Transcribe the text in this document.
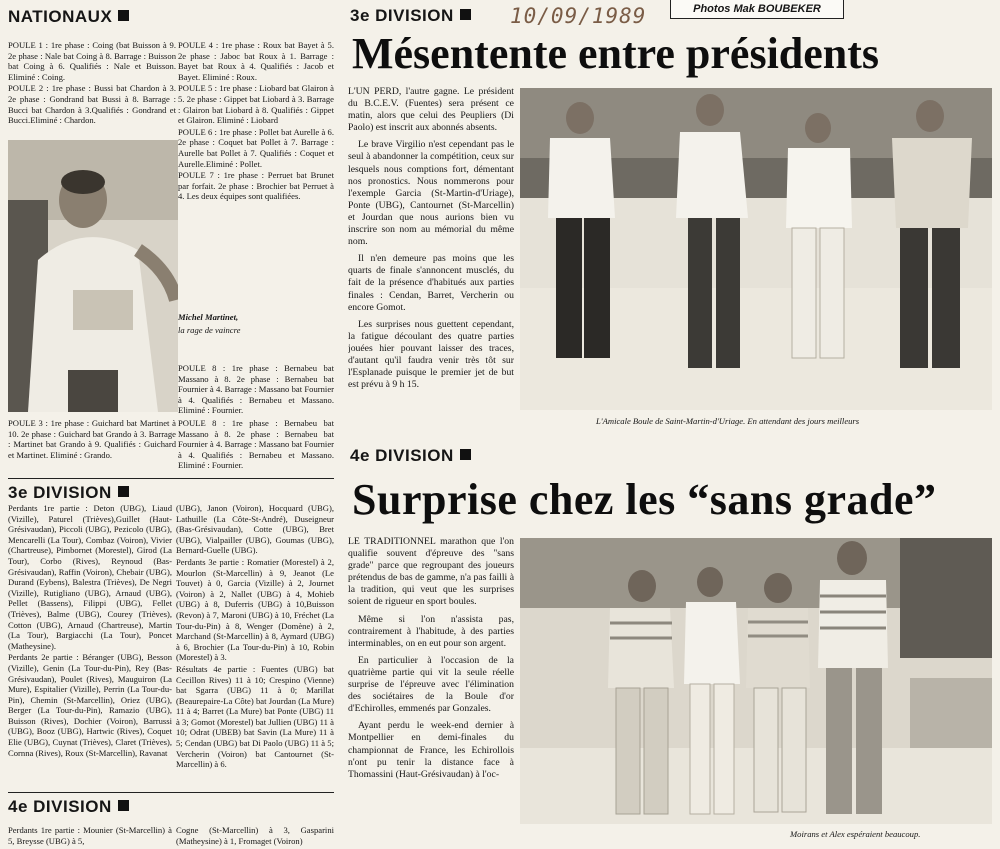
NATIONAUX

POULE 1 : 1re phase : Coing (bat Buisson à 9. 2e phase : Nale bat Coing à 8. Barrage : Buisson bat Coing à 6. Qualifiés : Nale et Buisson. Eliminé : Coing.

POULE 2 : 1re phase : Bussi bat Chardon à 3. 2e phase : Gondrand bat Bussi à 8. Barrage : Bucci bat Chardon à 3.Qualifiés : Gondrand et Bucci.Eliminé : Chardon.

POULE 4 : 1re phase : Roux bat Bayet à 5. 2e phase : Jaboc bat Roux à 1. Barrage : Bayet bat Roux à 4. Qualifiés : Jacob et Bayet. Eliminé : Roux.

POULE 5 : 1re phase : Liobard bat Glairon à 5. 2e phase : Gippet bat Liobard à 3. Barrage : Glairon bat Liobard à 8. Qualifiés : Gippet et Glairon. Eliminé : Liobard

POULE 6 : 1re phase : Pollet bat Aurelle à 6. 2e phase : Coquet bat Pollet à 7. Barrage : Aurelle bat Pollet à 7. Qualifiés : Coquet et Aurelle.Eliminé : Pollet.

POULE 7 : 1re phase : Perruet bat Brunet par forfait. 2e phase : Brochier bat Perruet à 4. Les deux équipes sont qualifiées.

Michel Martinet,
la rage de vaincre

POULE 8 : 1re phase : Bernabeu bat Massano à 8. 2e phase : Bernabeu bat Fournier à 4. Barrage : Massano bat Fournier à 4. Qualifiés : Bernabeu et Massano. Eliminé : Fournier.

POULE 3 : 1re phase : Guichard bat Martinet à 10. 2e phase : Guichard bat Grando à 3. Barrage : Martinet bat Grando à 9. Qualifiés : Guichard et Martinet. Eliminé : Grando.

POULE 8 : 1re phase : Bernabeu bat Massano à 8. 2e phase : Bernabeu bat Fournier à 4. Barrage : Massano bat Fournier à 4. Qualifiés : Bernabeu et Massano. Eliminé : Fournier.

3e DIVISION

Perdants 1re partie : Deton (UBG), Liaud (Vizille), Paturel (Trièves),Guillet (Haut-Grésivaudan), Piccoli (UBG), Pezicolo (UBG), Mencarelli (La Tour), Combaz (Voiron), Vivier (Chartreuse), Pimbornet (Morestel), Girod (La Tour), Corbo (Rives), Reynoud (Bas-Grésivaudan), Raffin (Voiron), Chebair (UBG), Durand (Eybens), Balestra (Trièves), De Negri (Vizille), Rutigliano (UBG), Arnaud (UBG), Pellet (Bassens), Filippi (UBG), Fellet (Trièves), Balme (UBG), Courey (Trièves), Cotton (UBG), Arnaud (Chartreuse), Martin (La Tour), Bargiacchi (La Tour), Poncet (Matheysine).

Perdants 2e partie : Béranger (UBG), Besson (Vizille), Genin (La Tour-du-Pin), Rey (Bas-Grésivaudan), Poulet (Rives), Mauguiron (La Mure), Espitalier (Vizille), Perrin (La Tour-du-Pin), Chemin (St-Marcellin), Oriez (UBG), Berger (La Tour-du-Pin), Ramazio (UBG), Buisson (Rives), Dochier (Voiron), Barrussi (UBG), Booz (UBG), Hartwic (Rives), Coquet Elie (UBG), Cuynat (Trièves), Claret (Trièves), Cornna (Rives), Roux (St-Marcellin), Ravanat

(UBG), Janon (Voiron), Hocquard (UBG), Lathuille (La Côte-St-André), Duseigneur (Bas-Grésivaudan), Cotte (UBG), Bret (UBG), Vialpailler (UBG), Goumas (UBG), Bernard-Guelle (UBG).

Perdants 3e partie : Romatier (Morestel) à 2, Mourlon (St-Marcellin) à 9, Jeanot (Le Touvet) à 0, Garcia (Vizille) à 2, Journet (Voiron) à 2, Nallet (UBG) à 4, Mohieb (UBG) à 8, Duferris (UBG) à 10,Buisson (Revon) à 7, Maroni (UBG) à 10, Fréchet (La Tour-du-Pin) à 8, Wenger (Domène) à 2, Marchand (St-Marcellin) à 8, Aymard (UBG) à 6, Brochier (La Tour-du-Pin) à 10, Robin (Morestel) à 3.

Résultats 4e partie : Fuentes (UBG) bat Cecillon Rives) 11 à 10; Crespino (Vienne) bat Sgarra (UBG) 11 à 0; Marillat (Beaurepaire-La Côte) bat Jourdan (La Mure) 11 à 4; Barret (La Mure) bat Ponte (UBG) 11 à 3; Gomot (Morestel) bat Jullien (UBG) 11 à 10; Odrat (UBEB) bat Savin (La Mure) 11 à 5; Cendan (UBG) bat Di Paolo (UBG) 11 à 5; Vercherin (Voiron) bat Cantournet (St-Marcellin) à 6.

4e DIVISION

Perdants 1re partie : Mounier (St-Marcellin) à 5, Breysse (UBG) à 5,

Cogne (St-Marcellin) à 3, Gasparini (Matheysine) à 1, Fromaget (Voiron)

3e DIVISION	10/09/1989	Photos Mak BOUBEKER
Mésentente entre présidents

L'UN PERD, l'autre gagne. Le président du B.C.E.V. (Fuentes) sera présent ce matin, alors que celui des Peupliers (Di Paolo) est inscrit aux abonnés absents.

Le brave Virgilio n'est cependant pas le seul à abandonner la compétition, ceux sur lesquels nous comptions fort, démentant nos pronostics. Nous nommerons pour l'exemple Garcia (St-Martin-d'Uriage), Ponte (UBG), Cantournet (St-Marcellin) et Jourdan que nous aurions bien vu inscrire son nom au mémorial du même nom.

Il n'en demeure pas moins que les quarts de finale s'annoncent musclés, du fait de la présence d'habitués aux parties finales : Cendan, Barret, Vercherin ou encore Gomot.

Les surprises nous guettent cependant, la fatigue découlant des quatre parties jouées hier pouvant laisser des traces, d'autant qu'il faudra venir très tôt sur l'Esplanade puisque le premier jet de but est prévu à 9 h 15.

L'Amicale Boule de Saint-Martin-d'Uriage. En attendant des jours meilleurs
4e DIVISION
Surprise chez les “sans grade”

LE TRADITIONNEL marathon que l'on qualifie souvent d'épreuve des "sans grade" parce que regroupant des joueurs prétendus de bas de gamme, n'a pas failli à la tradition, qui veut que les surprises soient de rigueur en sport boules.

Même si l'on n'assista pas, contrairement à l'habitude, à des parties interminables, on en eut pour son argent.

En particulier à l'occasion de la quatrième partie qui vit la seule réelle surprise de l'épreuve avec l'élimination des sociétaires de la Boule d'or d'Echirolles, emmenés par Gonzales.

Ayant perdu le week-end dernier à Montpellier en demi-finales du championnat de France, les Echirollois n'ont pu tenir la distance face à Thomassini (Haut-Grésivaudan) à l'oc-

Moirans et Alex espéraient beaucoup.
